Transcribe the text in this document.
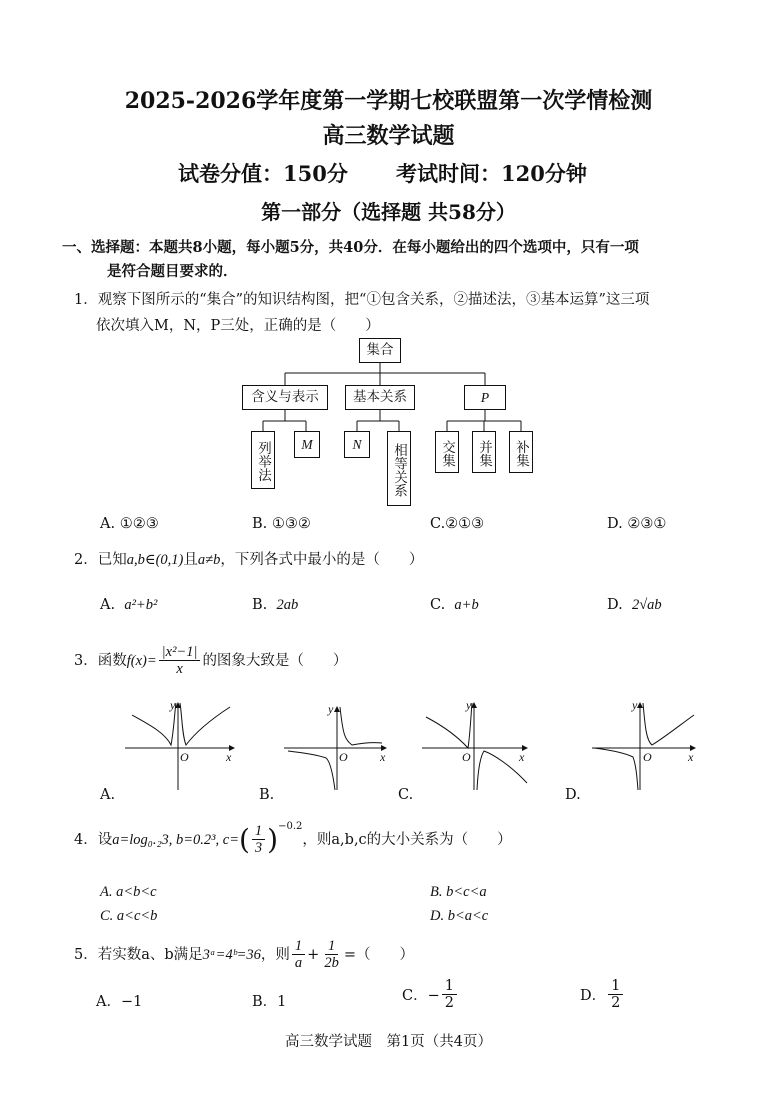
2025-2026学年度第一学期七校联盟第一次学情检测
高三数学试题
试卷分值：150分 考试时间：120分钟
第一部分（选择题 共58分）
一、选择题：本题共8小题，每小题5分，共40分．在每小题给出的四个选项中，只有一项
是符合题目要求的．
1．观察下图所示的“集合”的知识结构图，把“①包含关系，②描述法，③基本运算”这三项
依次填入M，N，P三处，正确的是（　　）
集合
含义与表示	基本关系	P
列举法	M	N	相等关系 交集 并集 补集
A. ①②③	B. ①③②	C.②①③	D. ②③①
2．已知a,b∈(0,1)且a≠b，下列各式中最小的是（　　）
A. a²+b²	B. 2ab	C. a+b	D. 2√ab
3．函数 $f(x)= \frac{\text{|x²−1|}}{x}$ 的图象大致是（　　）
y
x
O
y
x
O
y
x
O
y
x
O
A.	B.	C.	D.
4．设 a=log₀.₂3, b=0.2³, c= ( $\frac{1}{3} )^{-0.2}$
，则a,b,c的大小关系为（　　）
A. a<b<c	B. b<c<a
C. a<c<b	D. b<a<c
5．若实数a、b满足 3ᵃ=4ᵇ=36 ，则 $\frac{1}{a} + \frac{1}{2b}$ =（　　）
A．−1	B．1	C．− $\frac{1}{2}$	D． $\frac{1}{2}$
高三数学试题　第1页（共4页）
